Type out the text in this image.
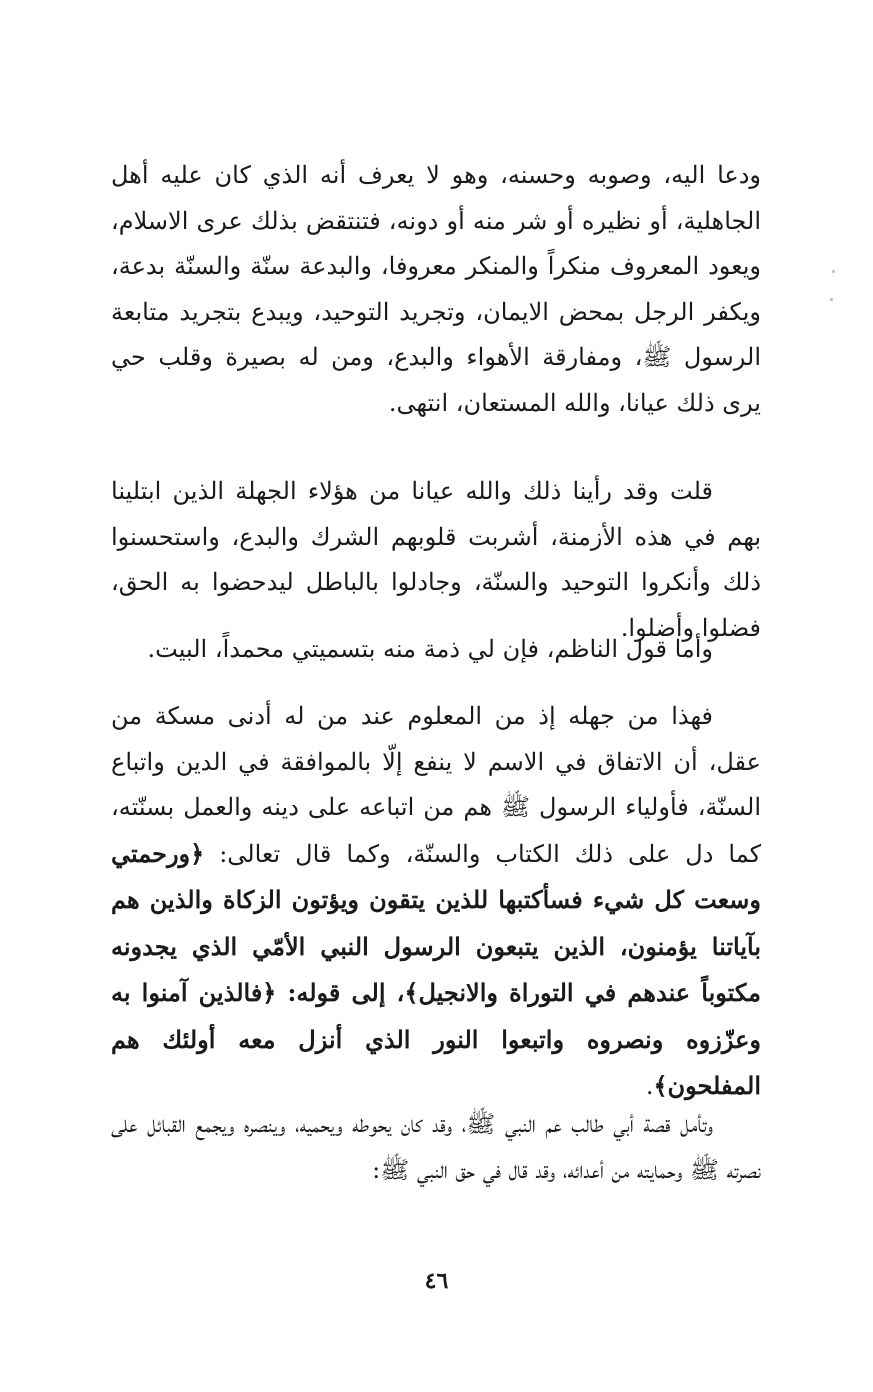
ودعا اليه، وصوبه وحسنه، وهو لا يعرف أنه الذي كان عليه أهل الجاهلية، أو نظيره أو شر منه أو دونه، فتنتقض بذلك عرى الاسلام، ويعود المعروف منكراً والمنكر معروفا، والبدعة سنّة والسنّة بدعة، ويكفر الرجل بمحض الايمان، وتجريد التوحيد، ويبدع بتجريد متابعة الرسول ﷺ، ومفارقة الأهواء والبدع، ومن له بصيرة وقلب حي يرى ذلك عيانا، والله المستعان، انتهى.

قلت وقد رأينا ذلك والله عيانا من هؤلاء الجهلة الذين ابتلينا بهم في هذه الأزمنة، أشربت قلوبهم الشرك والبدع، واستحسنوا ذلك وأنكروا التوحيد والسنّة، وجادلوا بالباطل ليدحضوا به الحق، فضلوا وأضلوا.

وأما قول الناظم، فإن لي ذمة منه بتسميتي محمداً، البيت.

فهذا من جهله إذ من المعلوم عند من له أدنى مسكة من عقل، أن الاتفاق في الاسم لا ينفع إلّا بالموافقة في الدين واتباع السنّة، فأولياء الرسول ﷺ هم من اتباعه على دينه والعمل بسنّته، كما دل على ذلك الكتاب والسنّة، وكما قال تعالى: ﴿ورحمتي وسعت كل شيء فسأكتبها للذين يتقون ويؤتون الزكاة والذين هم بآياتنا يؤمنون، الذين يتبعون الرسول النبي الأمّي الذي يجدونه مكتوباً عندهم في التوراة والانجيل﴾، إلى قوله: ﴿فالذين آمنوا به وعزّزوه ونصروه واتبعوا النور الذي أنزل معه أولئك هم المفلحون﴾.

وتأمل قصة أبي طالب عم النبي ﷺ، وقد كان يحوطه ويحميه، وينصره ويجمع القبائل على نصرته ﷺ وحمايته من أعدائه، وقد قال في حق النبي ﷺ:

٤٦
